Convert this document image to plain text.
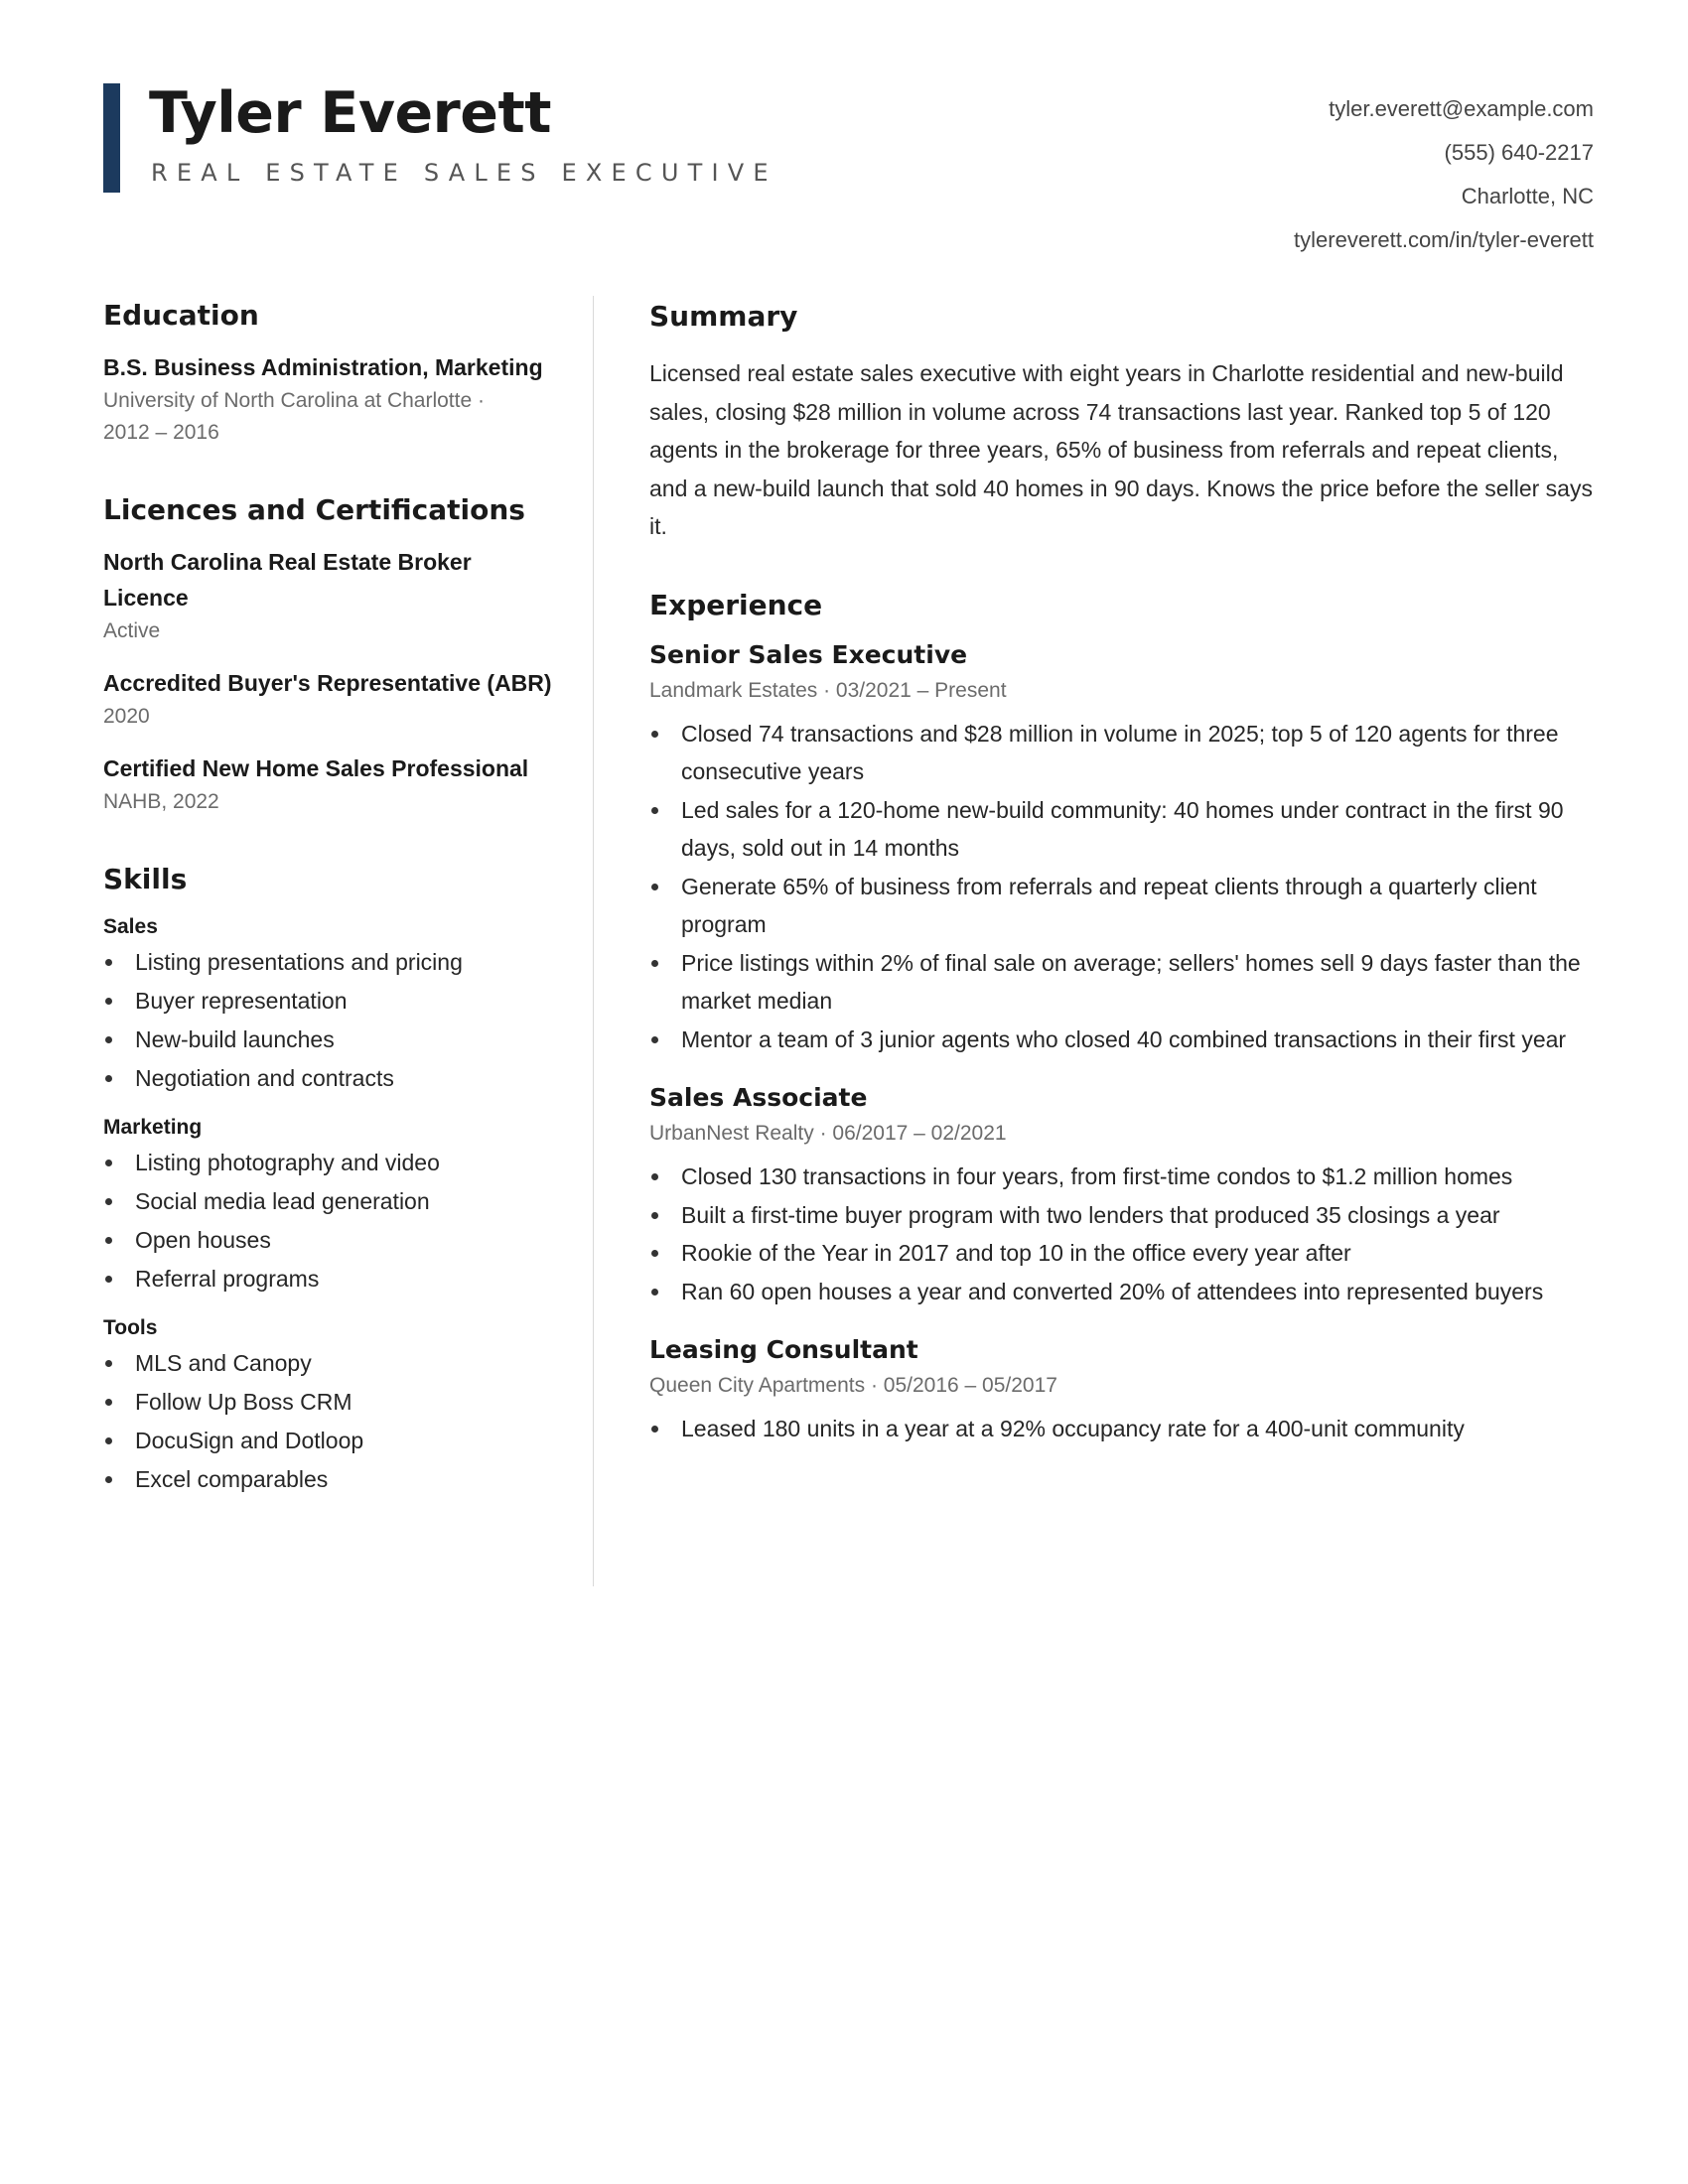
Tyler Everett
REAL ESTATE SALES EXECUTIVE
tyler.everett@example.com
(555) 640-2217
Charlotte, NC
tylereverett.com/in/tyler-everett
Education
B.S. Business Administration, Marketing
University of North Carolina at Charlotte ·
2012 – 2016
Licences and Certifications
North Carolina Real Estate Broker Licence
Active
Accredited Buyer's Representative (ABR)
2020
Certified New Home Sales Professional
NAHB, 2022
Skills
Sales
Listing presentations and pricing
Buyer representation
New-build launches
Negotiation and contracts
Marketing
Listing photography and video
Social media lead generation
Open houses
Referral programs
Tools
MLS and Canopy
Follow Up Boss CRM
DocuSign and Dotloop
Excel comparables
Summary

Licensed real estate sales executive with eight years in Charlotte residential and new-build sales, closing $28 million in volume across 74 transactions last year. Ranked top 5 of 120 agents in the brokerage for three years, 65% of business from referrals and repeat clients, and a new-build launch that sold 40 homes in 90 days. Knows the price before the seller says it.

Experience
Senior Sales Executive
Landmark Estates · 03/2021 – Present
Closed 74 transactions and $28 million in volume in 2025; top 5 of 120 agents for three consecutive years
Led sales for a 120-home new-build community: 40 homes under contract in the first 90 days, sold out in 14 months
Generate 65% of business from referrals and repeat clients through a quarterly client program
Price listings within 2% of final sale on average; sellers' homes sell 9 days faster than the market median
Mentor a team of 3 junior agents who closed 40 combined transactions in their first year
Sales Associate
UrbanNest Realty · 06/2017 – 02/2021
Closed 130 transactions in four years, from first-time condos to $1.2 million homes
Built a first-time buyer program with two lenders that produced 35 closings a year
Rookie of the Year in 2017 and top 10 in the office every year after
Ran 60 open houses a year and converted 20% of attendees into represented buyers
Leasing Consultant
Queen City Apartments · 05/2016 – 05/2017
Leased 180 units in a year at a 92% occupancy rate for a 400-unit community
